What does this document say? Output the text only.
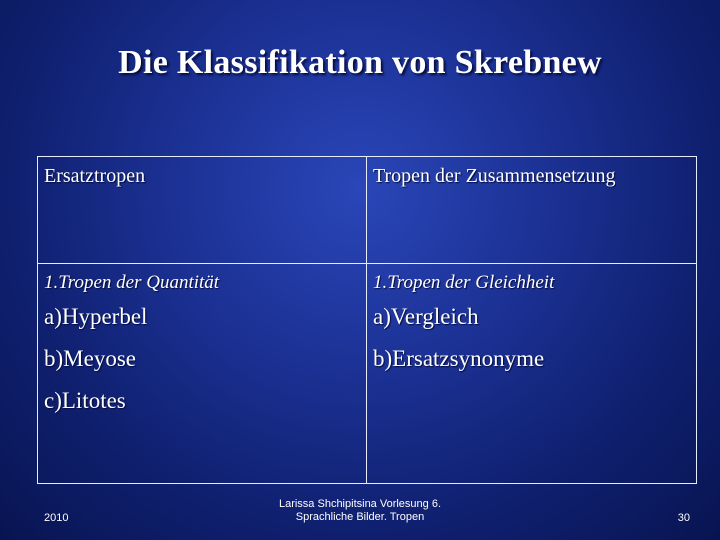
Die Klassifikation von Skrebnew
Ersatztropen	Tropen der Zusammensetzung
1.Tropen der Quantität
a)Hyperbel
b)Meyose
c)Litotes
1.Tropen der Gleichheit
a)Vergleich
b)Ersatzsynonyme
2010
Larissa Shchipitsina Vorlesung 6.
Sprachliche Bilder. Tropen	30
